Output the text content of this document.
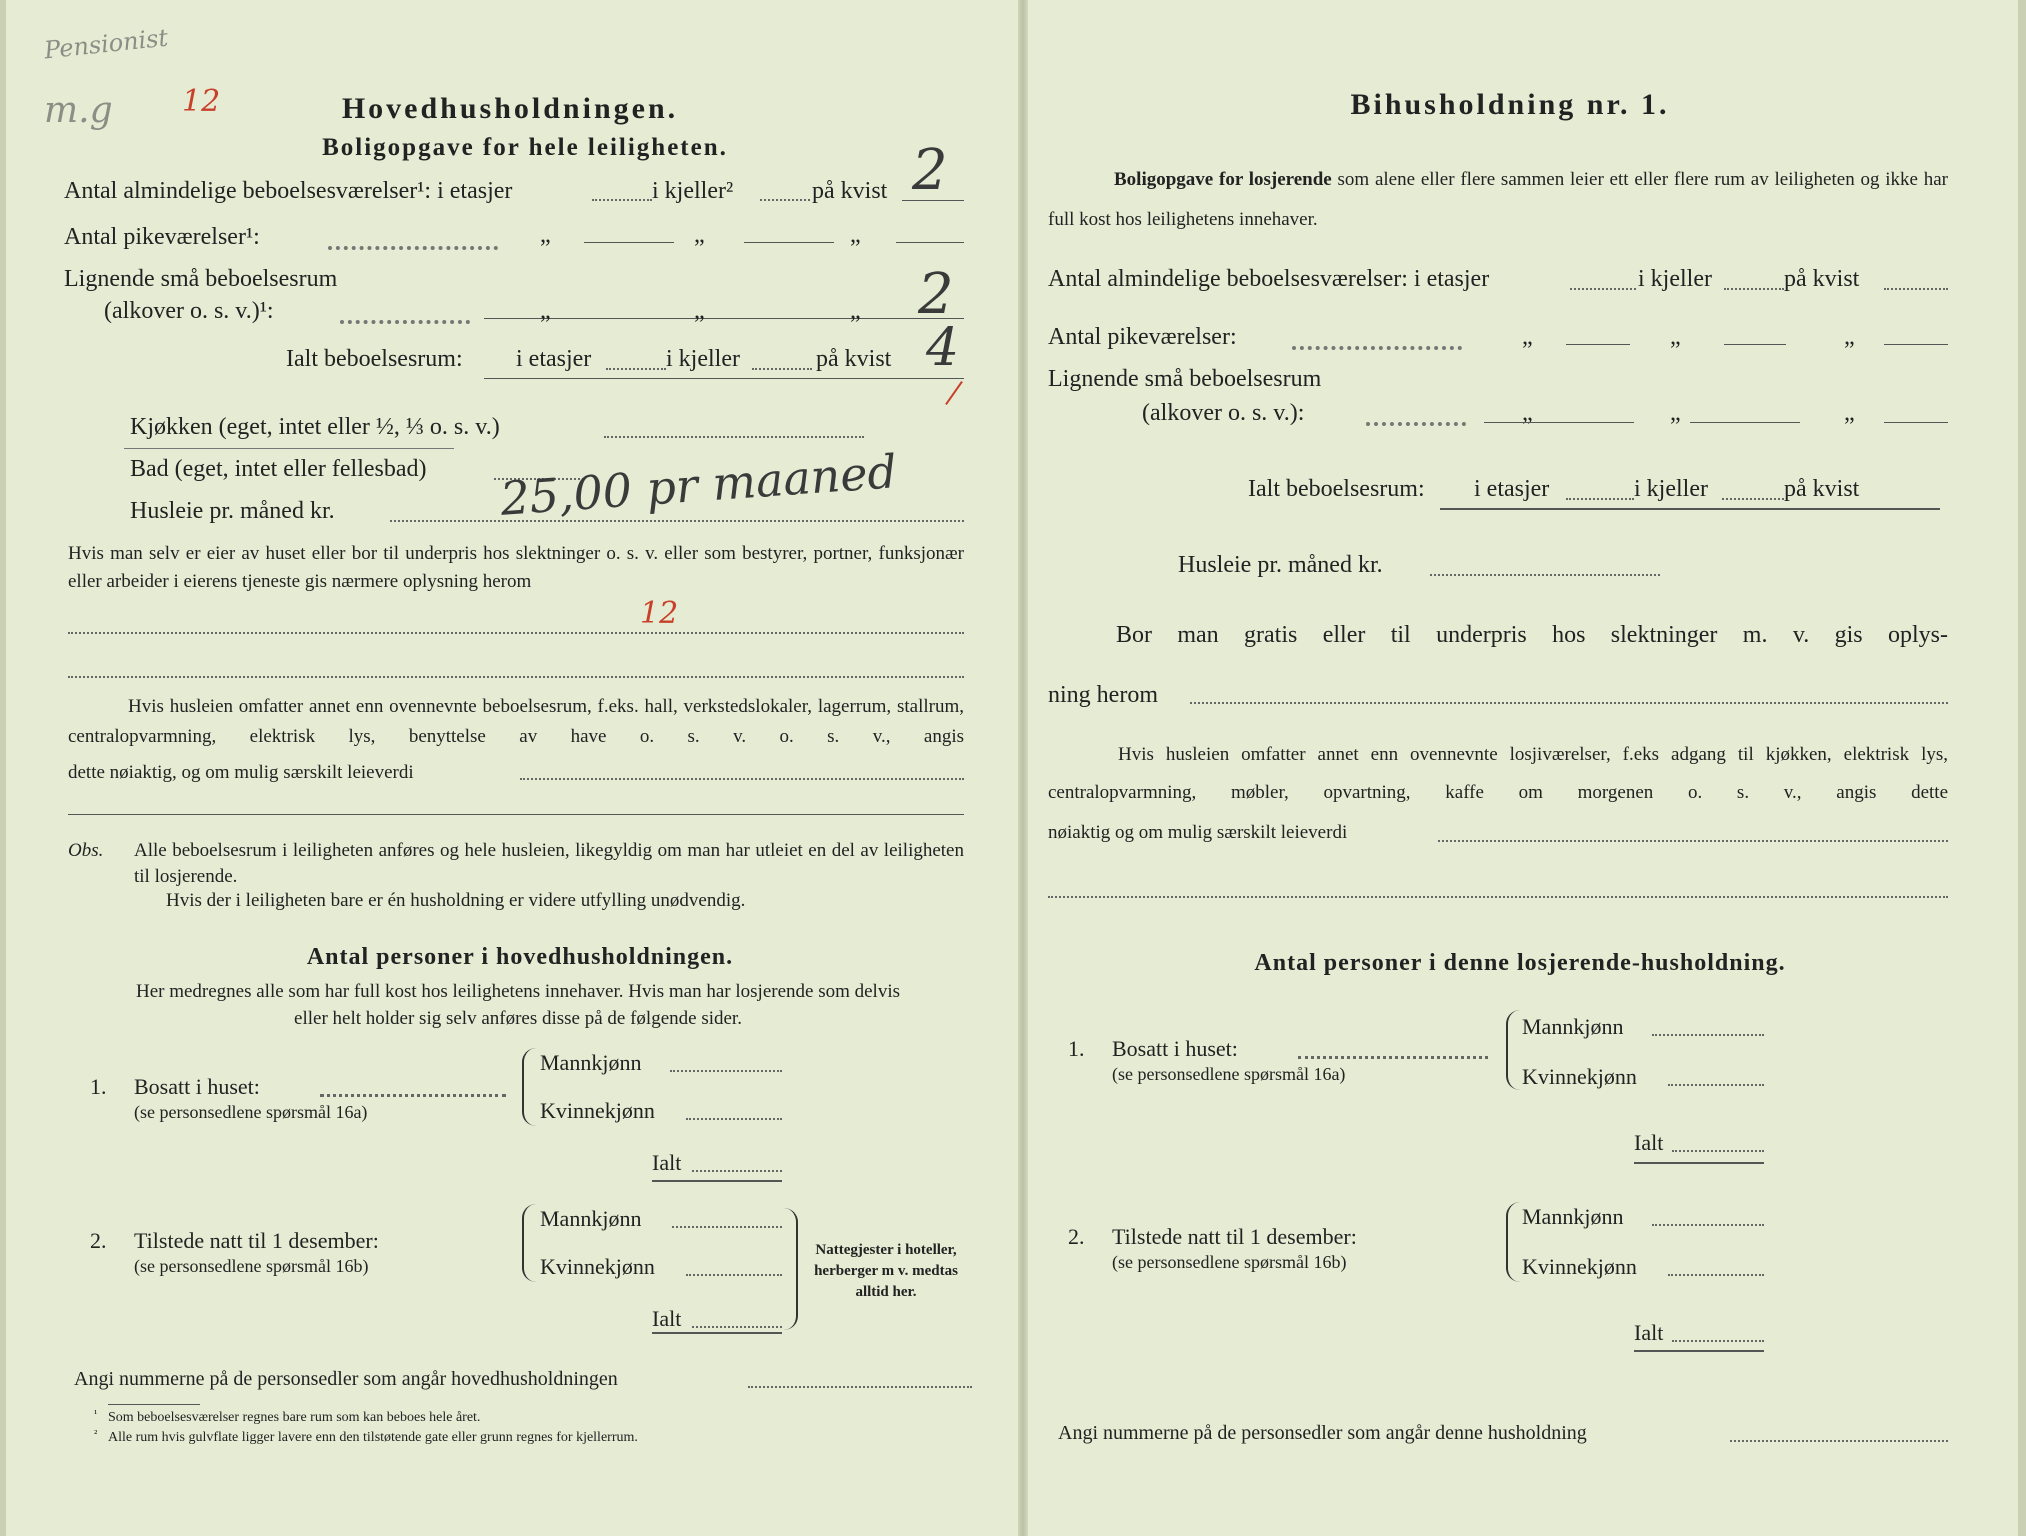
Pensionist
m.g 12	Hovedhusholdningen.
Boligopgave for hele leiligheten.
Antal almindelige beboelsesværelser¹: i etasjer	i kjeller²	på kvist 2
Antal pikeværelser¹:	„	„	„
Lignende små beboelsesrum
(alkover o. s. v.)¹:	„	„	„ 2
Ialt beboelsesrum: i etasjer	i kjeller	på kvist 4
Kjøkken (eget, intet eller ½, ⅓ o. s. v.)
Bad (eget, intet eller fellesbad)
Husleie pr. måned kr.	25,00 pr maaned
Hvis man selv er eier av huset eller bor til underpris hos slektninger o. s. v. eller som bestyrer, portner, funksjonær eller arbeider i eierens tjeneste gis nærmere oplysning herom
12
Hvis husleien omfatter annet enn ovennevnte beboelsesrum, f.eks. hall, verkstedslokaler, lagerrum, stallrum, centralopvarmning, elektrisk lys, benyttelse av have o. s. v. o. s. v., angis
dette nøiaktig, og om mulig særskilt leieverdi
Obs. Alle beboelsesrum i leiligheten anføres og hele husleien, likegyldig om man har utleiet en del av leiligheten til losjerende.
Hvis der i leiligheten bare er én husholdning er videre utfylling unødvendig.
Antal personer i hovedhusholdningen.
Her medregnes alle som har full kost hos leilighetens innehaver. Hvis man har losjerende som delvis eller helt holder sig selv anføres disse på de følgende sider.
1. Bosatt i huset:
(se personsedlene spørsmål 16a)
Mannkjønn
Kvinnekjønn
Ialt
2. Tilstede natt til 1 desember:
(se personsedlene spørsmål 16b)
Mannkjønn
Kvinnekjønn
Ialt
Nattegjester i hoteller, herberger m v. medtas alltid her.
Angi nummerne på de personsedler som angår hovedhusholdningen
Som beboelsesværelser regnes bare rum som kan beboes hele året.
Alle rum hvis gulvflate ligger lavere enn den tilstøtende gate eller grunn regnes for kjellerrum.
¹
²
Bihusholdning nr. 1.
Boligopgave for losjerende som alene eller flere sammen leier ett eller flere rum av leiligheten og ikke har full kost hos leilighetens innehaver.
Antal almindelige beboelsesværelser: i etasjer	i kjeller	på kvist
Antal pikeværelser:	„	„	„
Lignende små beboelsesrum
(alkover o. s. v.):	„	„	„
Ialt beboelsesrum: i etasjer	i kjeller	på kvist
Husleie pr. måned kr.
Bor man gratis eller til underpris hos slektninger m. v. gis oplys-
ning herom
Hvis husleien omfatter annet enn ovennevnte losjiværelser, f.eks adgang til kjøkken, elektrisk lys, centralopvarmning, møbler, opvartning, kaffe om morgenen o. s. v., angis dette
nøiaktig og om mulig særskilt leieverdi
Antal personer i denne losjerende-husholdning.
1. Bosatt i huset:
(se personsedlene spørsmål 16a)
Mannkjønn
Kvinnekjønn
Ialt
2. Tilstede natt til 1 desember:
(se personsedlene spørsmål 16b)
Mannkjønn
Kvinnekjønn
Ialt
Angi nummerne på de personsedler som angår denne husholdning
